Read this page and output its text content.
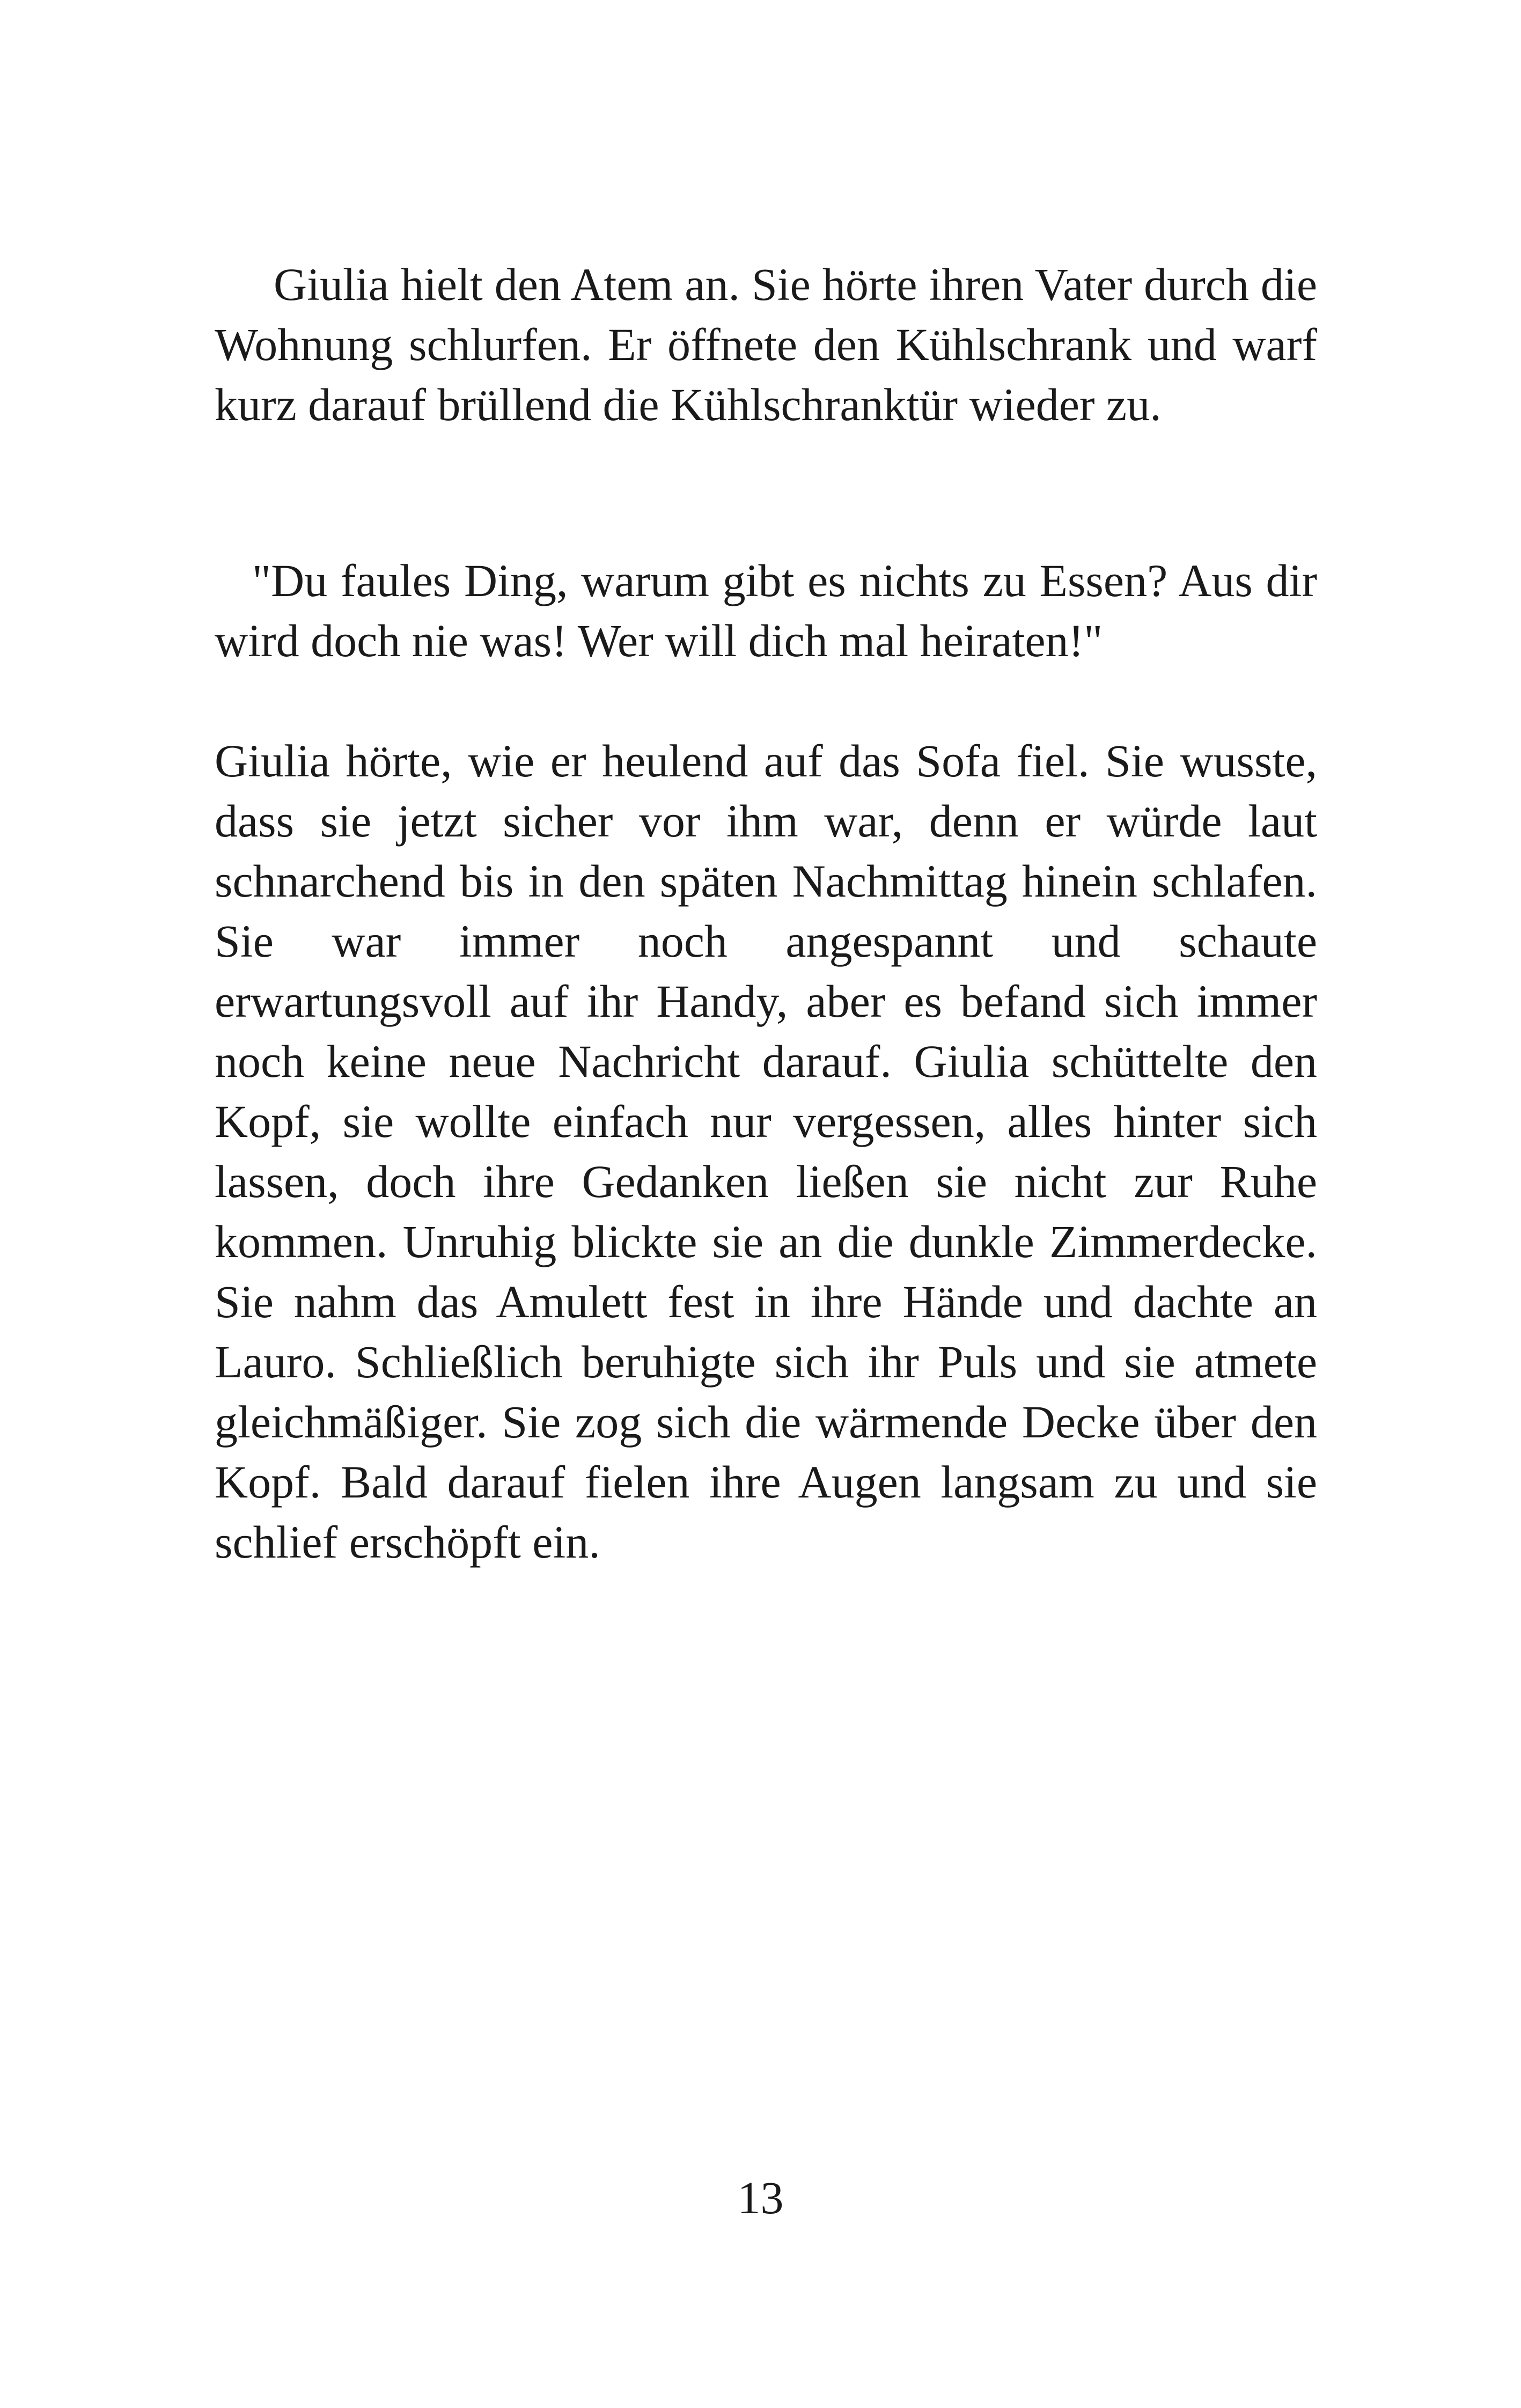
Giulia hielt den Atem an. Sie hörte ihren Vater durch die Wohnung schlurfen. Er öffnete den Kühlschrank und warf kurz darauf brüllend die Kühlschranktür wieder zu.

"Du faules Ding, warum gibt es nichts zu Essen? Aus dir wird doch nie was! Wer will dich mal heiraten!"

Giulia hörte, wie er heulend auf das Sofa fiel. Sie wusste, dass sie jetzt sicher vor ihm war, denn er würde laut schnarchend bis in den späten Nachmittag hinein schlafen. Sie war immer noch angespannt und schaute erwartungsvoll auf ihr Handy, aber es befand sich immer noch keine neue Nachricht darauf. Giulia schüttelte den Kopf, sie wollte einfach nur vergessen, alles hinter sich lassen, doch ihre Gedanken ließen sie nicht zur Ruhe kommen. Unruhig blickte sie an die dunkle Zimmerdecke. Sie nahm das Amulett fest in ihre Hände und dachte an Lauro. Schließlich beruhigte sich ihr Puls und sie atmete gleichmäßiger. Sie zog sich die wärmende Decke über den Kopf. Bald darauf fielen ihre Augen langsam zu und sie schlief erschöpft ein.

13
